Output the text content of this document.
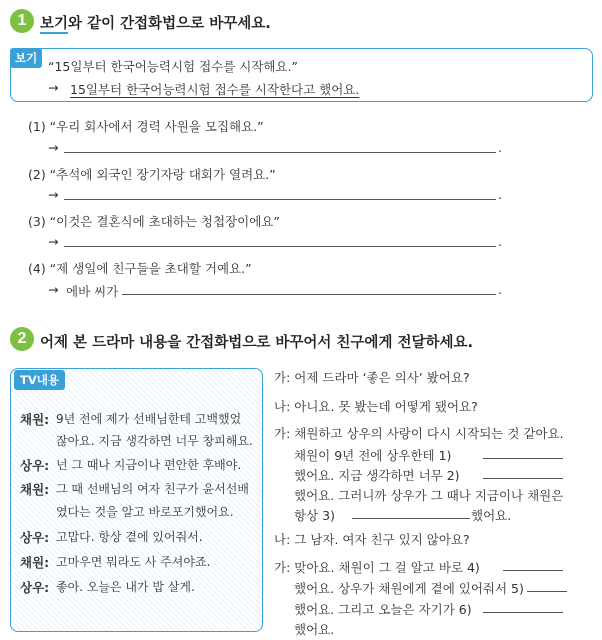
1 보기와 같이 간접화법으로 바꾸세요.
보기
“15일부터 한국어능력시험 접수를 시작해요.”
→ 15일부터 한국어능력시험 접수를 시작한다고 했어요.
(1) “우리 회사에서 경력 사원을 모집해요.”
→	.
(2) “추석에 외국인 장기자랑 대회가 열려요.”
→	.
(3) “이것은 결혼식에 초대하는 청첩장이에요”
→	.
(4) “제 생일에 친구들을 초대할 거예요.”
→ 에바 씨가	.
2 어제 본 드라마 내용을 간접화법으로 바꾸어서 친구에게 전달하세요.
TV내용
채원: 9년 전에 제가 선배님한테 고백했었
잖아요. 지금 생각하면 너무 창피해요.
상우: 넌 그 때나 지금이나 편안한 후배야.
채원: 그 때 선배님의 여자 친구가 윤서선배
였다는 것을 알고 바로포기했어요.
상우: 고맙다. 항상 곁에 있어줘서.
채원: 고마우면 뭐라도 사 주셔야죠.
상우: 좋아. 오늘은 내가 밥 살게.
가: 어제 드라마 ‘좋은 의사’ 봤어요?
나: 아니요. 못 봤는데 어떻게 됐어요?
가: 채원하고 상우의 사랑이 다시 시작되는 것 같아요.
채원이 9년 전에 상우한테 1)
했어요. 지금 생각하면 너무 2)
했어요. 그러니까 상우가 그 때나 지금이나 채원은
항상 3)	했어요.
나: 그 남자. 여자 친구 있지 않아요?
가: 맞아요. 채원이 그 걸 알고 바로 4)
했어요. 상우가 채원에게 곁에 있어줘서 5)
했어요. 그리고 오늘은 자기가 6)
했어요.
